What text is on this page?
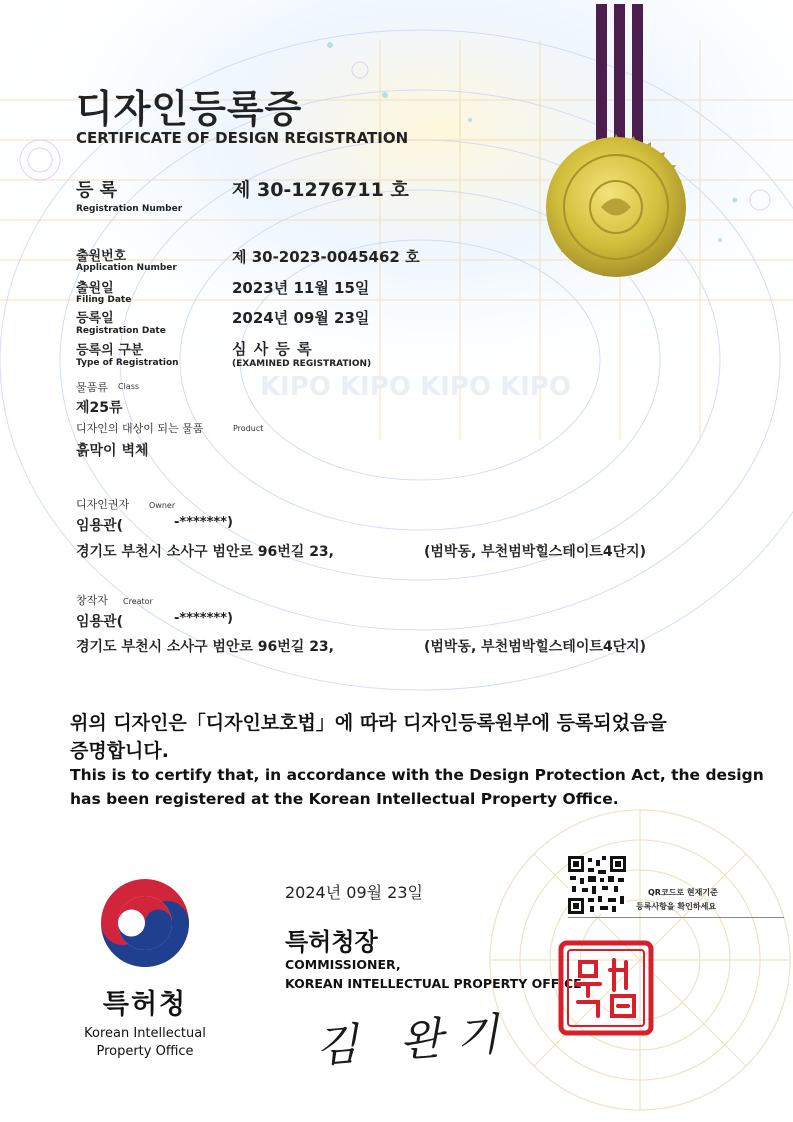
KIPO KIPO KIPO KIPO
디자인등록증
CERTIFICATE OF DESIGN REGISTRATION
등 록
Registration Number
제 30-1276711 호
출원번호
Application Number
제 30-2023-0045462 호
출원일
Filing Date
2023년 11월 15일
등록일
Registration Date
2024년 09월 23일
등록의 구분
Type of Registration
심 사 등 록
(EXAMINED REGISTRATION)
물품류 Class
제25류
디자인의 대상이 되는 물품	Product
흙막이 벽체
디자인권자 Owner
임용관(	-*******)
경기도 부천시 소사구 범안로 96번길 23,	(범박동, 부천범박힐스테이트4단지)
창작자 Creator
임용관(	-*******)
경기도 부천시 소사구 범안로 96번길 23,	(범박동, 부천범박힐스테이트4단지)
위의 디자인은「디자인보호법」에 따라 디자인등록원부에 등록되었음을
증명합니다.
This is to certify that, in accordance with the Design Protection Act, the design
has been registered at the Korean Intellectual Property Office.
2024년 09월 23일	QR코드로 현재기준
등록사항을 확인하세요
특허청장
COMMISSIONER,
KOREAN INTELLECTUAL PROPERTY OFFICE
김 완기
특허청
Korean Intellectual
Property Office
